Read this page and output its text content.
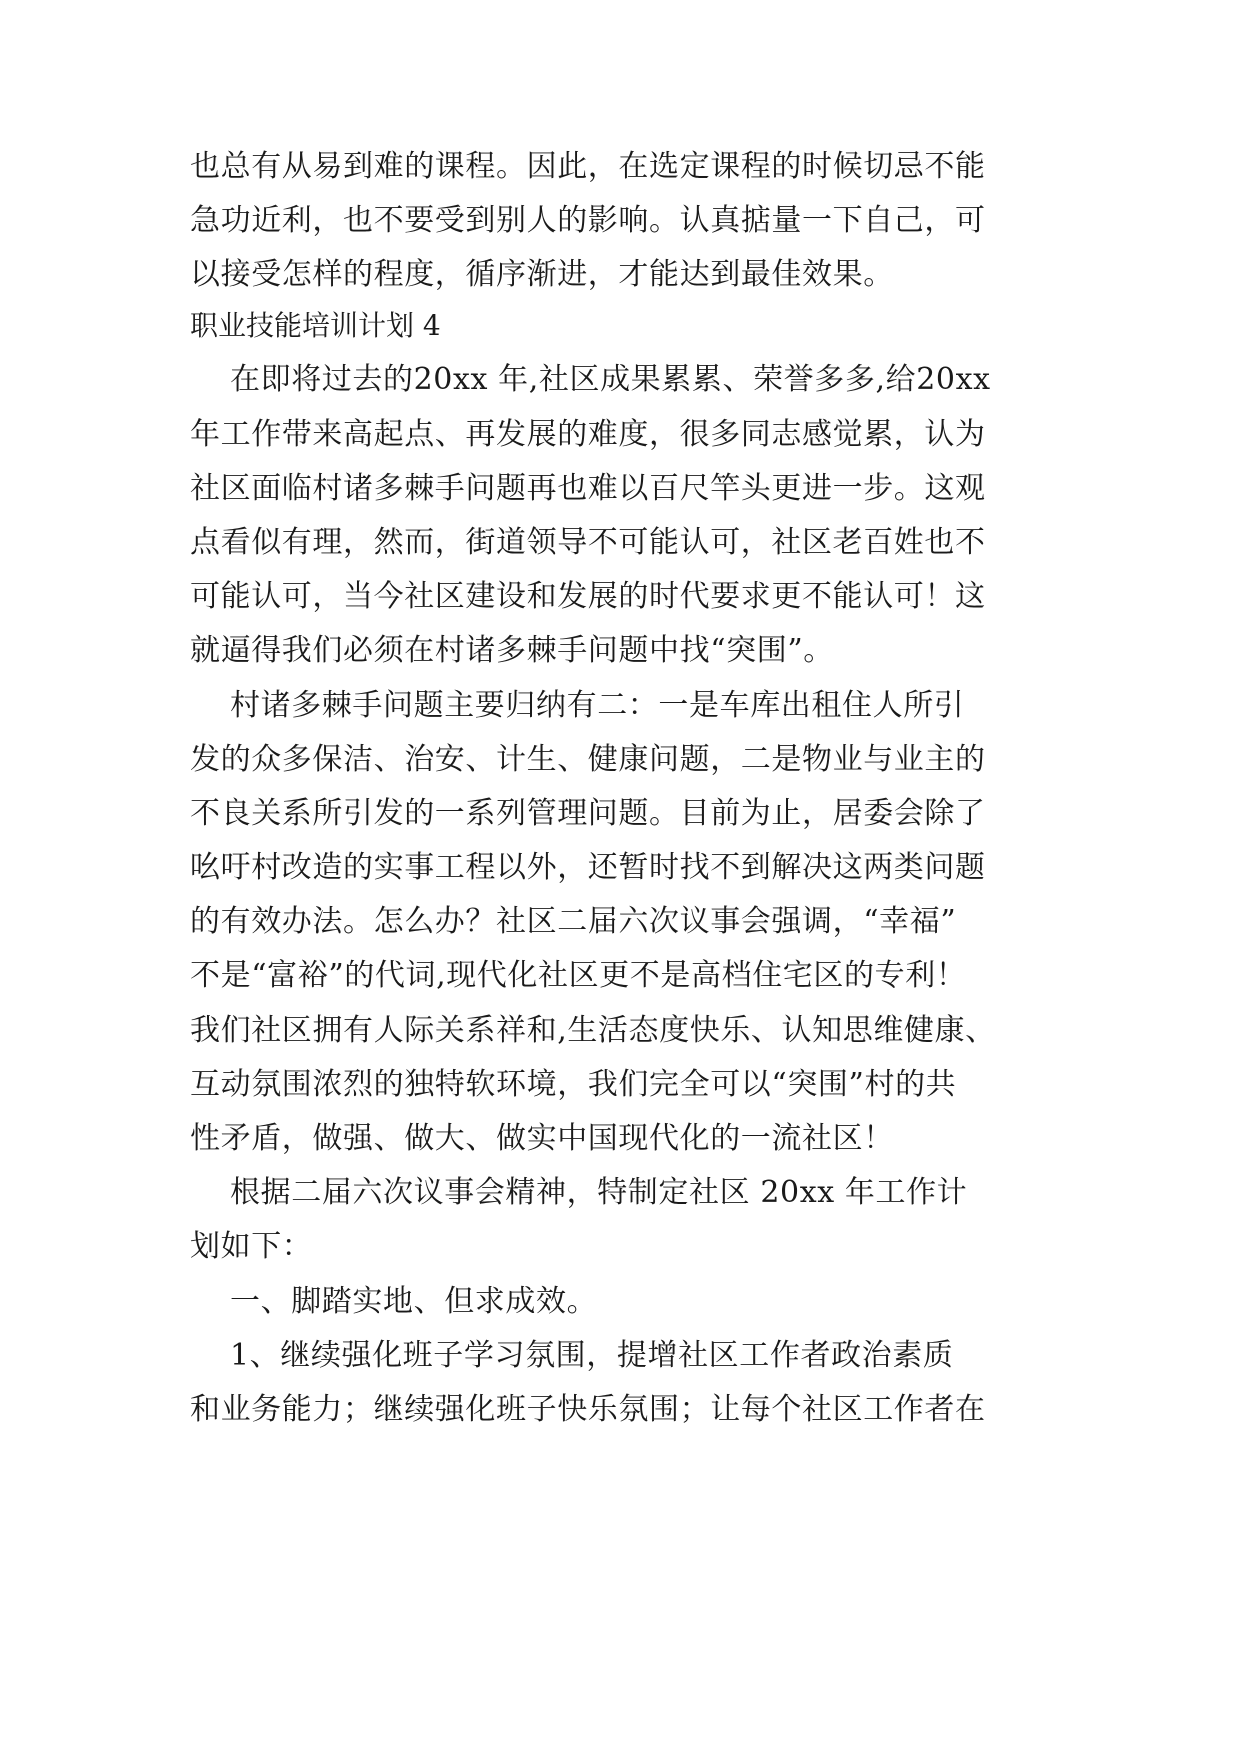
也总有从易到难的课程。因此，在选定课程的时候切忌不能
急功近利，也不要受到别人的影响。认真掂量一下自己，可
以接受怎样的程度，循序渐进，才能达到最佳效果。
职业技能培训计划 4
在即将过去的20xx 年,社区成果累累、荣誉多多,给20xx
年工作带来高起点、再发展的难度，很多同志感觉累，认为
社区面临村诸多棘手问题再也难以百尺竿头更进一步。这观
点看似有理，然而，街道领导不可能认可，社区老百姓也不
可能认可，当今社区建设和发展的时代要求更不能认可！这
就逼得我们必须在村诸多棘手问题中找“突围”。
村诸多棘手问题主要归纳有二：一是车库出租住人所引
发的众多保洁、治安、计生、健康问题，二是物业与业主的
不良关系所引发的一系列管理问题。目前为止，居委会除了
吆吁村改造的实事工程以外，还暂时找不到解决这两类问题
的有效办法。怎么办？社区二届六次议事会强调，“幸福”
不是“富裕”的代词,现代化社区更不是高档住宅区的专利！
我们社区拥有人际关系祥和,生活态度快乐、认知思维健康、
互动氛围浓烈的独特软环境，我们完全可以“突围”村的共
性矛盾，做强、做大、做实中国现代化的一流社区！
根据二届六次议事会精神，特制定社区 20xx 年工作计
划如下：
一、脚踏实地、但求成效。
1、继续强化班子学习氛围，提增社区工作者政治素质
和业务能力；继续强化班子快乐氛围；让每个社区工作者在
